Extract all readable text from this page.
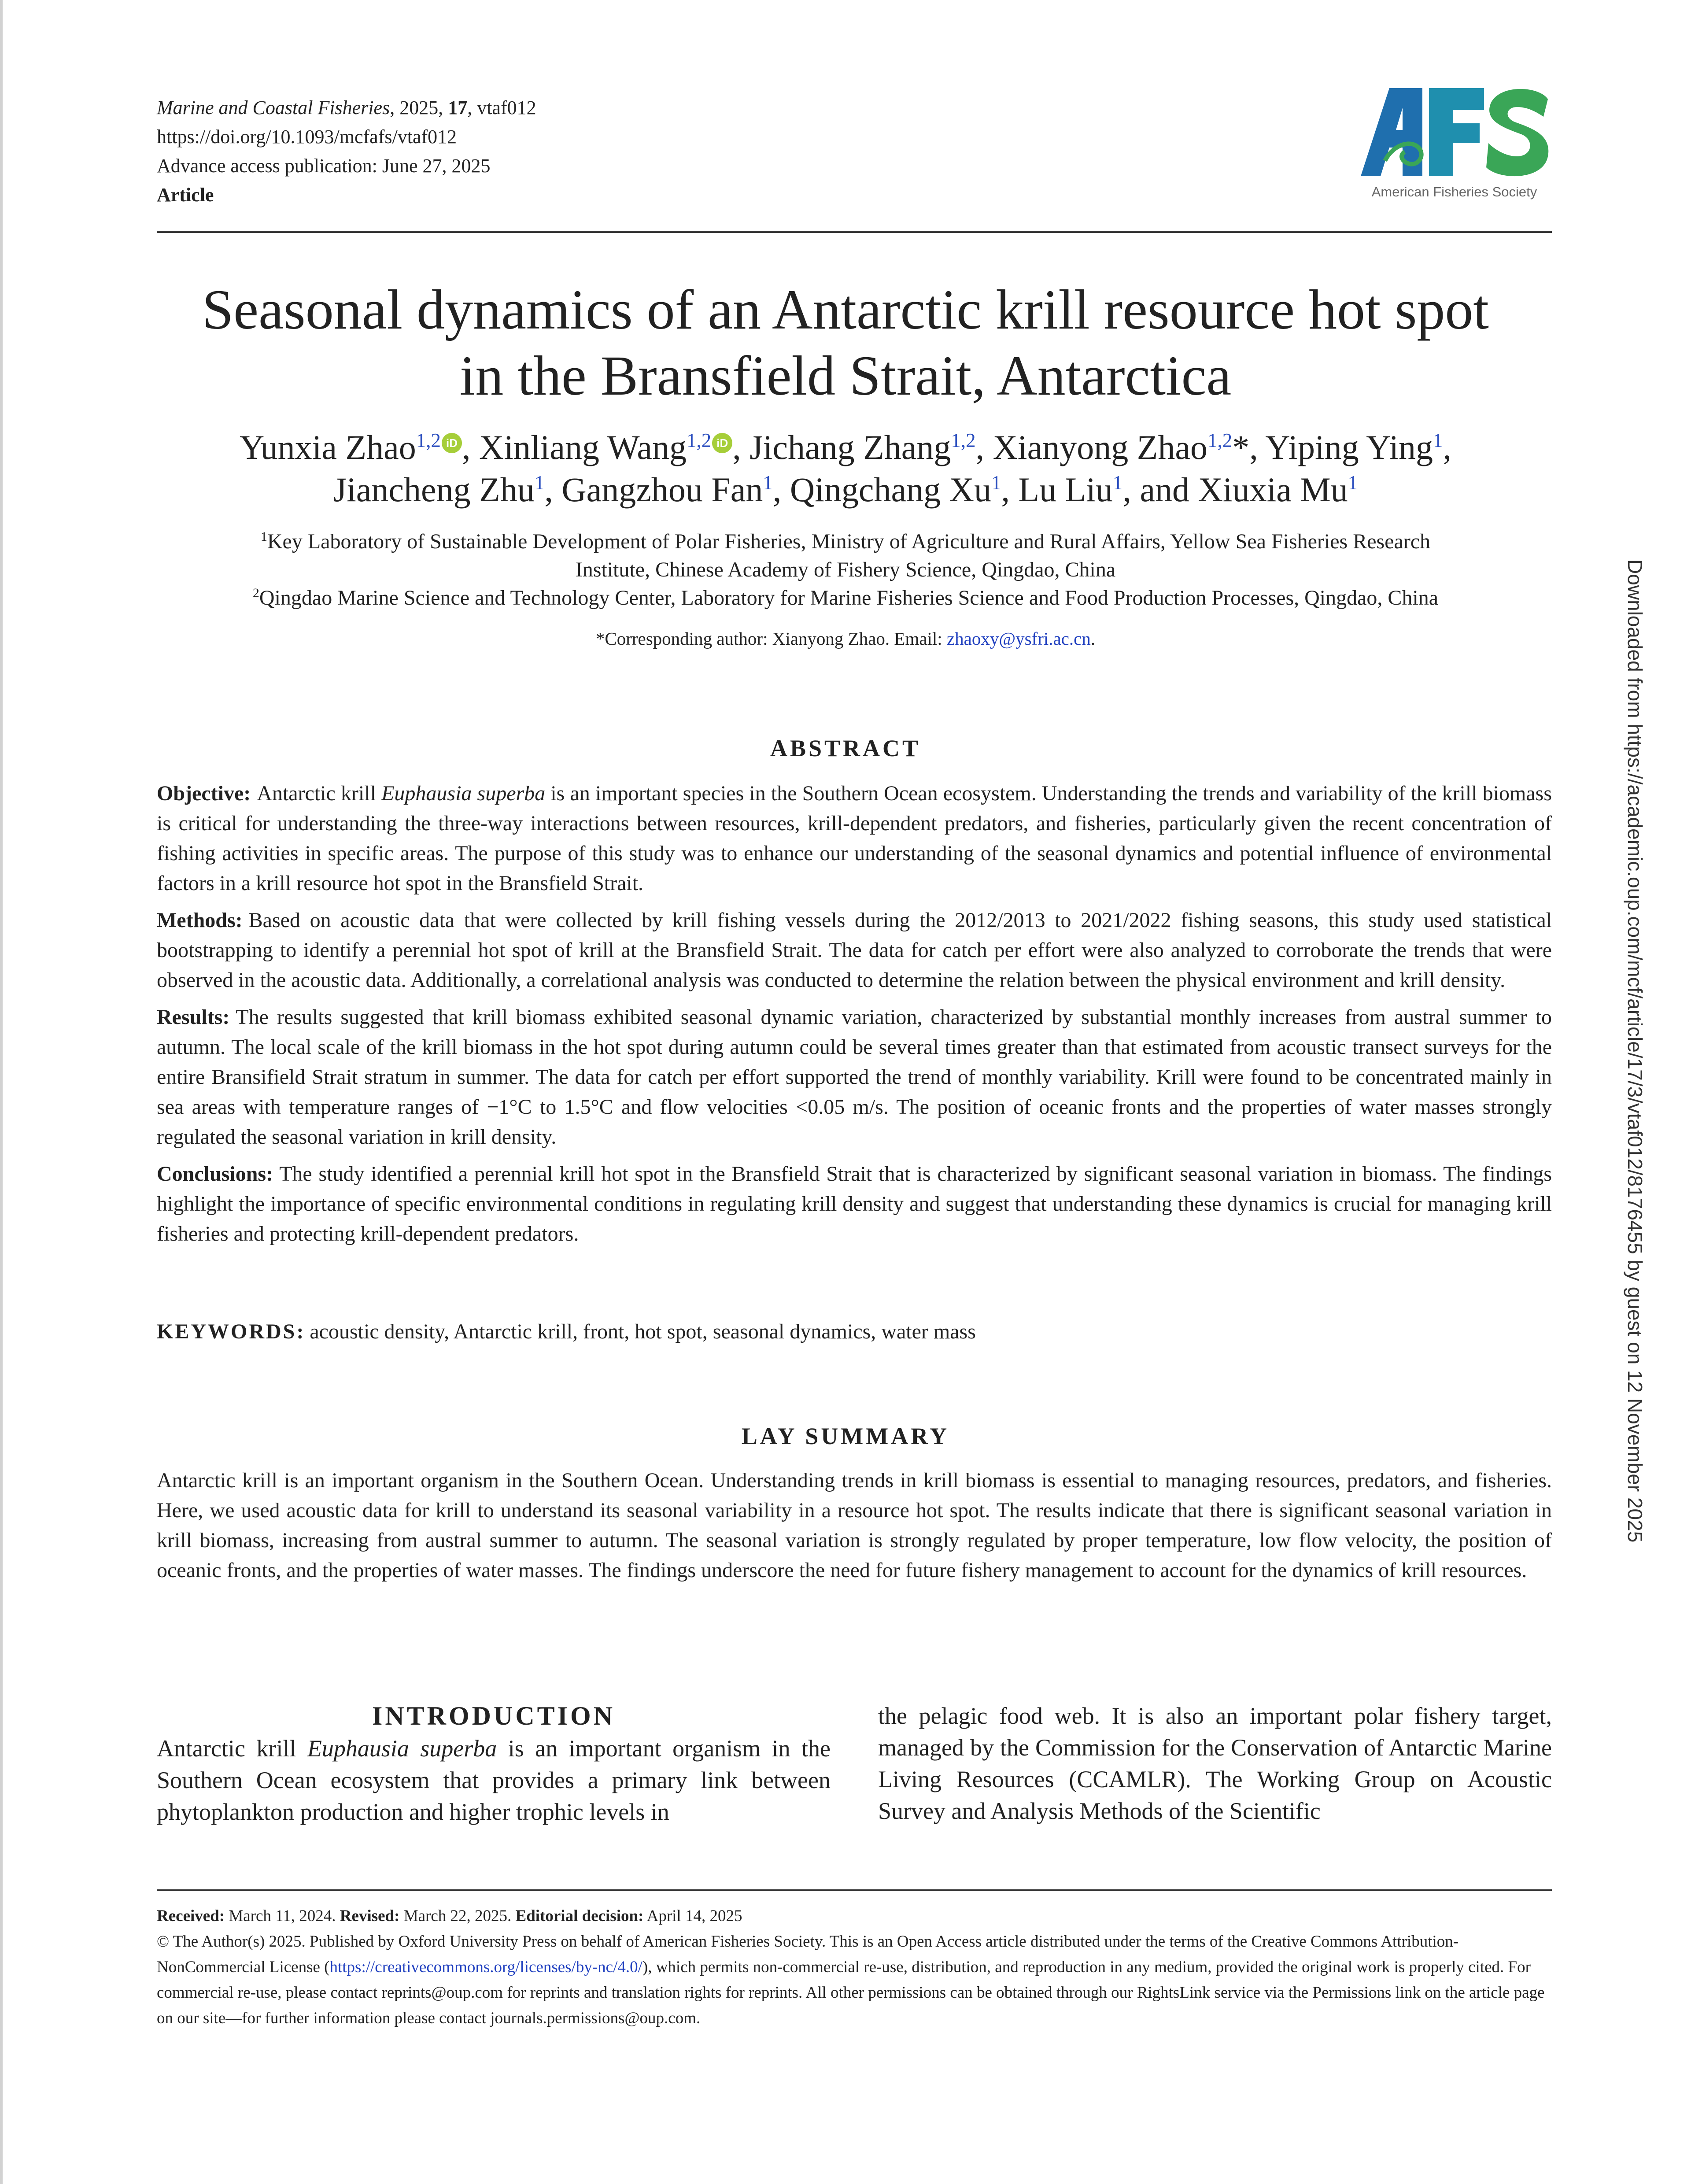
Marine and Coastal Fisheries, 2025, 17, vtaf012
https://doi.org/10.1093/mcfafs/vtaf012
Advance access publication: June 27, 2025
Article	American Fisheries Society
Seasonal dynamics of an Antarctic krill resource hot spot
in the Bransfield Strait, Antarctica
Yunxia Zhao$^{1,2}$ iD , Xinliang Wang$^{1,2}$ iD , Jichang Zhang$^{1,2}$, Xianyong Zhao$^{1,2}$*, Yiping Ying$^1$,
Jiancheng Zhu$^1$, Gangzhou Fan$^1$, Qingchang Xu$^1$, Lu Liu$^1$, and Xiuxia Mu$^1$
$^1$Key Laboratory of Sustainable Development of Polar Fisheries, Ministry of Agriculture and Rural Affairs, Yellow Sea Fisheries Research
Institute, Chinese Academy of Fishery Science, Qingdao, China
$^2$Qingdao Marine Science and Technology Center, Laboratory for Marine Fisheries Science and Food Production Processes, Qingdao, China
*Corresponding author: Xianyong Zhao. Email: zhaoxy@ysfri.ac.cn.
ABSTRACT

Objective: Antarctic krill Euphausia superba is an important species in the Southern Ocean ecosystem. Understanding the trends and variability of the krill biomass is critical for understanding the three-way interactions between resources, krill-dependent predators, and fisheries, particularly given the recent concentration of fishing activities in specific areas. The purpose of this study was to enhance our understanding of the seasonal dynamics and potential influence of environmental factors in a krill resource hot spot in the Bransfield Strait.

Methods: Based on acoustic data that were collected by krill fishing vessels during the 2012/2013 to 2021/2022 fishing seasons, this study used statistical bootstrapping to identify a perennial hot spot of krill at the Bransfield Strait. The data for catch per effort were also analyzed to corroborate the trends that were observed in the acoustic data. Additionally, a correlational analysis was conducted to determine the relation between the physical environment and krill density.

Results: The results suggested that krill biomass exhibited seasonal dynamic variation, characterized by substantial monthly increases from austral summer to autumn. The local scale of the krill biomass in the hot spot during autumn could be several times greater than that estimated from acoustic transect surveys for the entire Bransifield Strait stratum in summer. The data for catch per effort supported the trend of monthly variability. Krill were found to be concentrated mainly in sea areas with temperature ranges of −1°C to 1.5°C and flow velocities <0.05 m/s. The position of oceanic fronts and the properties of water masses strongly regulated the seasonal variation in krill density.

Conclusions: The study identified a perennial krill hot spot in the Bransfield Strait that is characterized by significant seasonal variation in biomass. The findings highlight the importance of specific environmental conditions in regulating krill density and suggest that understanding these dynamics is crucial for managing krill fisheries and protecting krill-dependent predators.

KEYWORDS: acoustic density, Antarctic krill, front, hot spot, seasonal dynamics, water mass
LAY SUMMARY
Antarctic krill is an important organism in the Southern Ocean. Understanding trends in krill biomass is essential to managing resources, predators, and fisheries. Here, we used acoustic data for krill to understand its seasonal variability in a resource hot spot. The results indicate that there is significant seasonal variation in krill biomass, increasing from austral summer to autumn. The seasonal variation is strongly regulated by proper temperature, low flow velocity, the position of oceanic fronts, and the properties of water masses. The findings underscore the need for future fishery management to account for the dynamics of krill resources.
INTRODUCTION
Antarctic krill Euphausia superba is an important organism in the Southern Ocean ecosystem that provides a primary link between phytoplankton production and higher trophic levels in
the pelagic food web. It is also an important polar fishery target, managed by the Commission for the Conservation of Antarctic Marine Living Resources (CCAMLR). The Working Group on Acoustic Survey and Analysis Methods of the Scientific
Received: March 11, 2024. Revised: March 22, 2025. Editorial decision: April 14, 2025
© The Author(s) 2025. Published by Oxford University Press on behalf of American Fisheries Society. This is an Open Access article distributed under the terms of the Creative Commons Attribution-NonCommercial License (https://creativecommons.org/licenses/by-nc/4.0/), which permits non-commercial re-use, distribution, and reproduction in any medium, provided the original work is properly cited. For commercial re-use, please contact reprints@oup.com for reprints and translation rights for reprints. All other permissions can be obtained through our RightsLink service via the Permissions link on the article page on our site—for further information please contact journals.permissions@oup.com.
Downloaded from https://academic.oup.com/mcf/article/17/3/vtaf012/8176455 by guest on 12 November 2025
